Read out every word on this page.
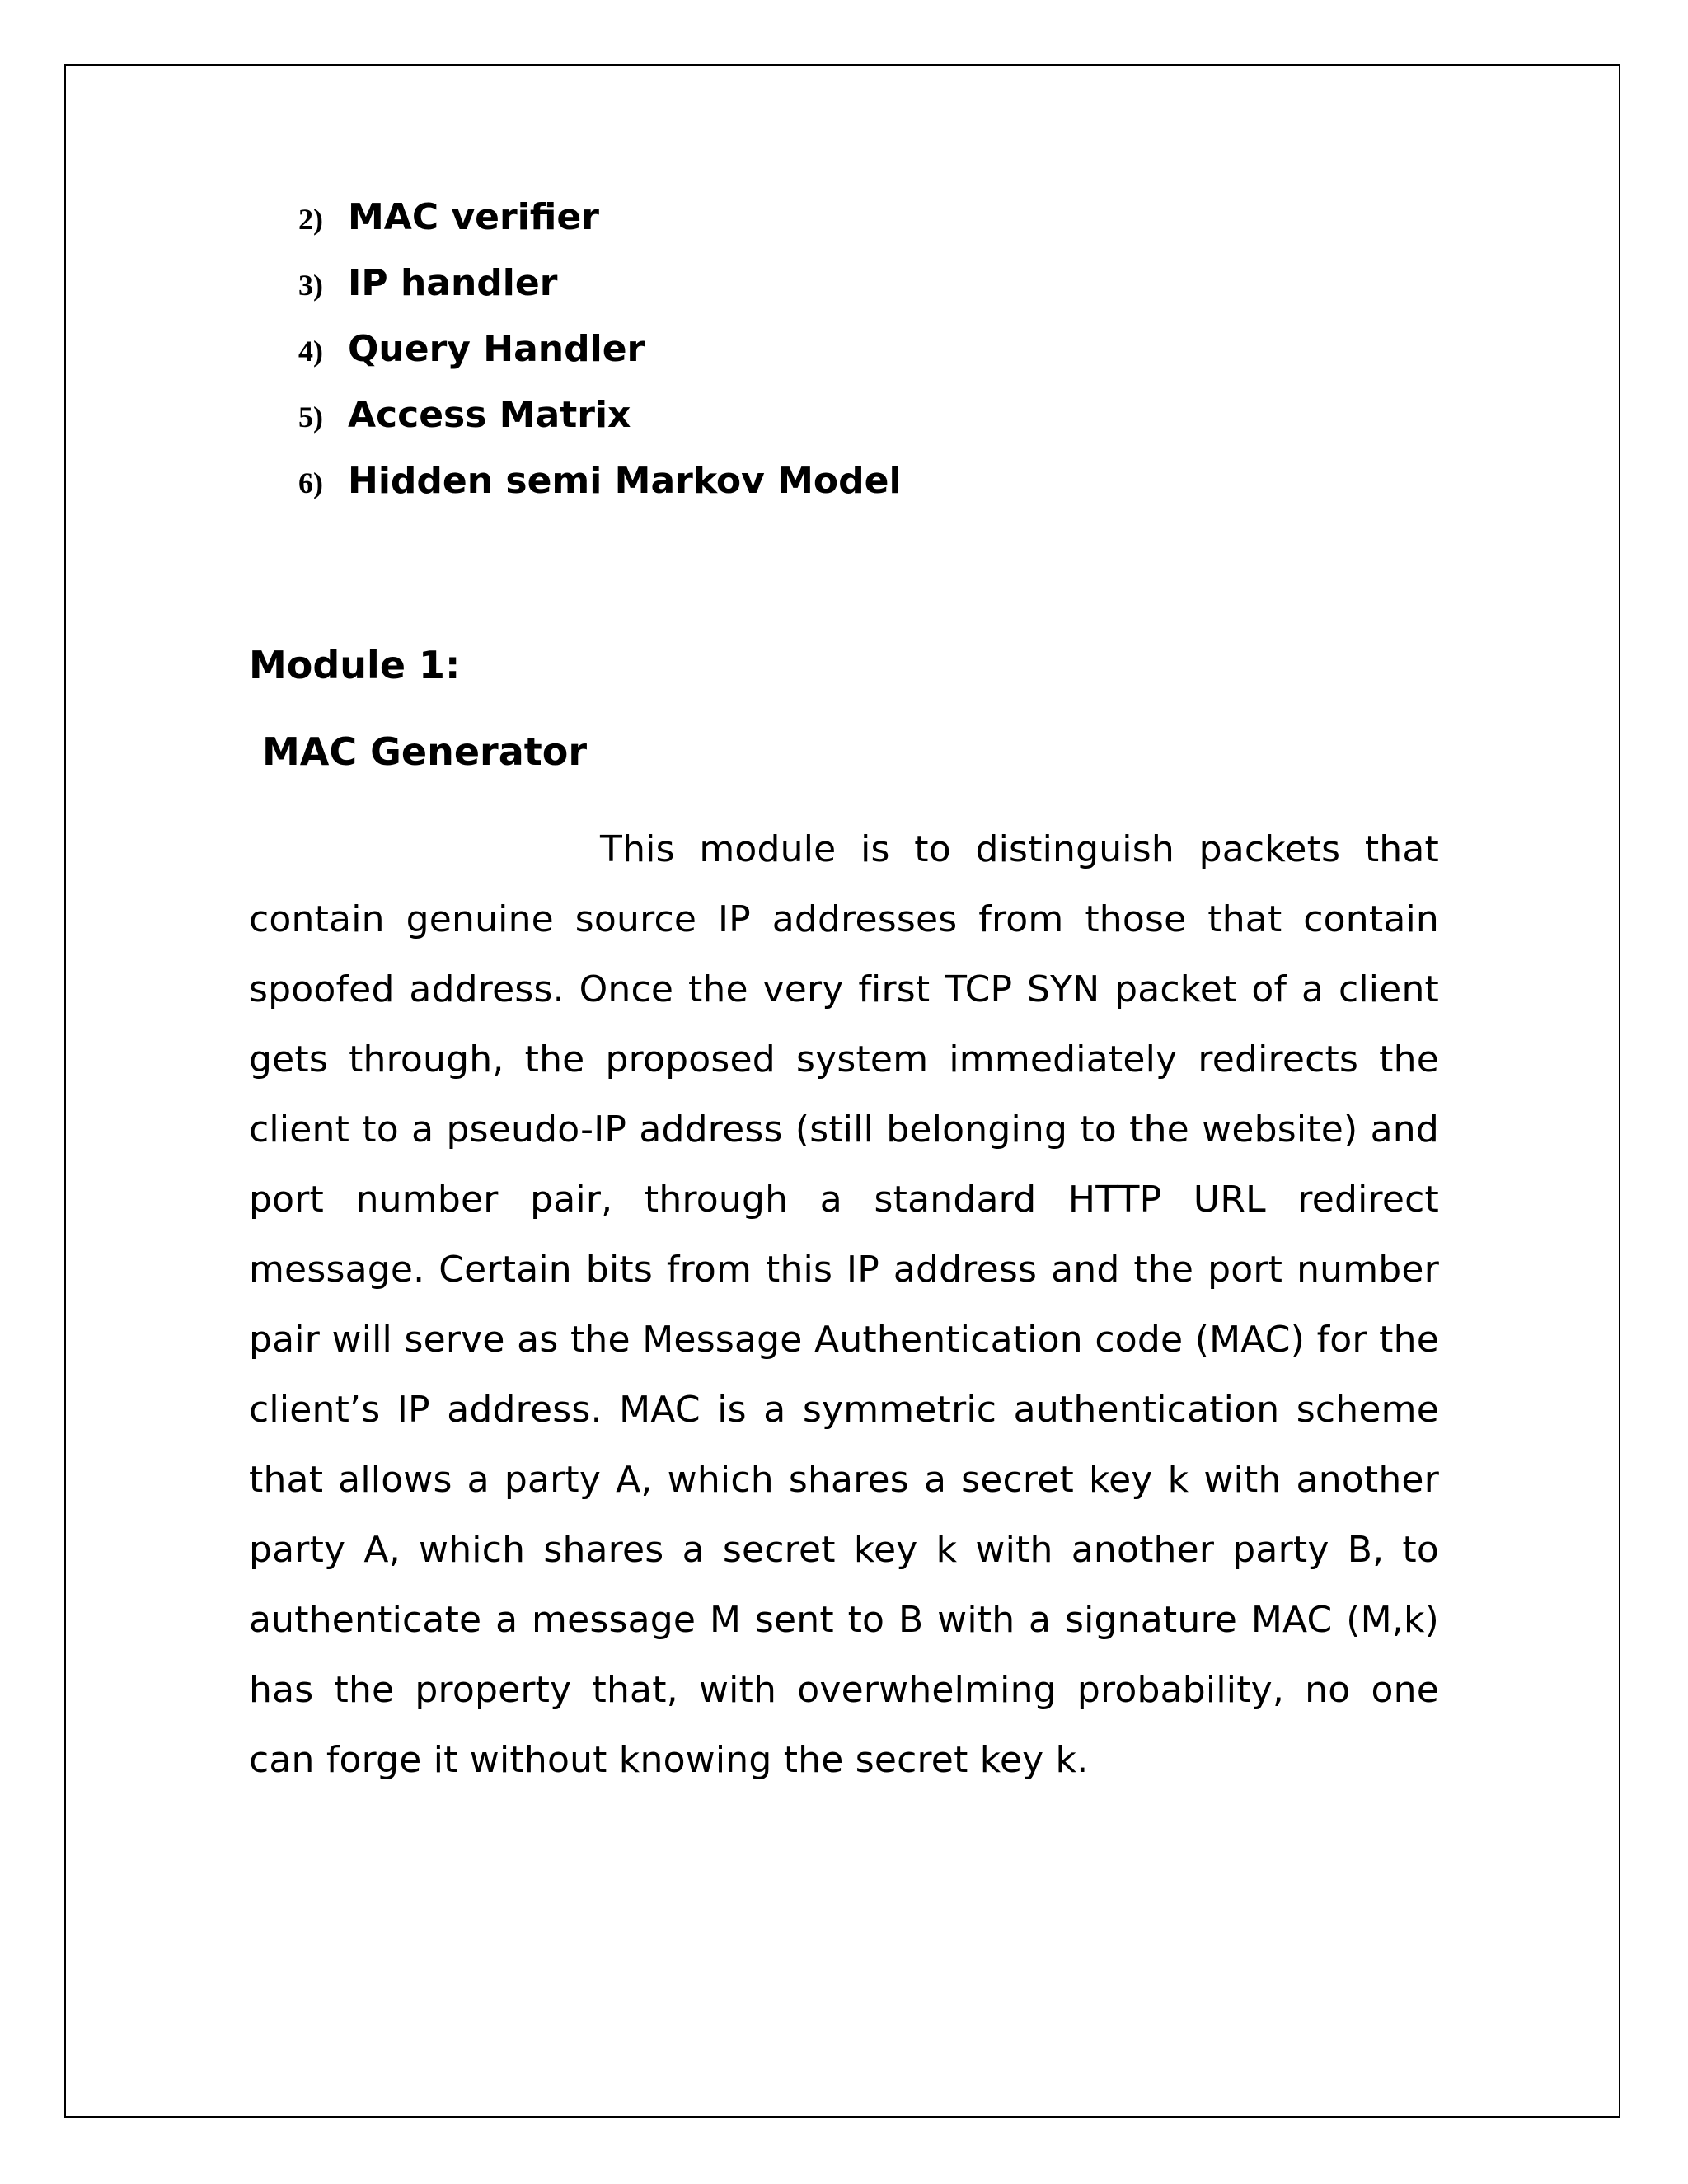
2) MAC verifier
3) IP handler
4) Query Handler
5) Access Matrix
6) Hidden semi Markov Model
Module 1:
MAC Generator

This module is to distinguish packets that contain genuine source IP addresses from those that contain spoofed address. Once the very first TCP SYN packet of a client gets through, the proposed system immediately redirects the client to a pseudo-IP address (still belonging to the website) and port number pair, through a standard HTTP URL redirect message. Certain bits from this IP address and the port number pair will serve as the Message Authentication code (MAC) for the client’s IP address. MAC is a symmetric authentication scheme that allows a party A, which shares a secret key k with another party A, which shares a secret key k with another party B, to authenticate a message M sent to B with a signature MAC (M,k) has the property that, with overwhelming probability, no one can forge it without knowing the secret key k.
